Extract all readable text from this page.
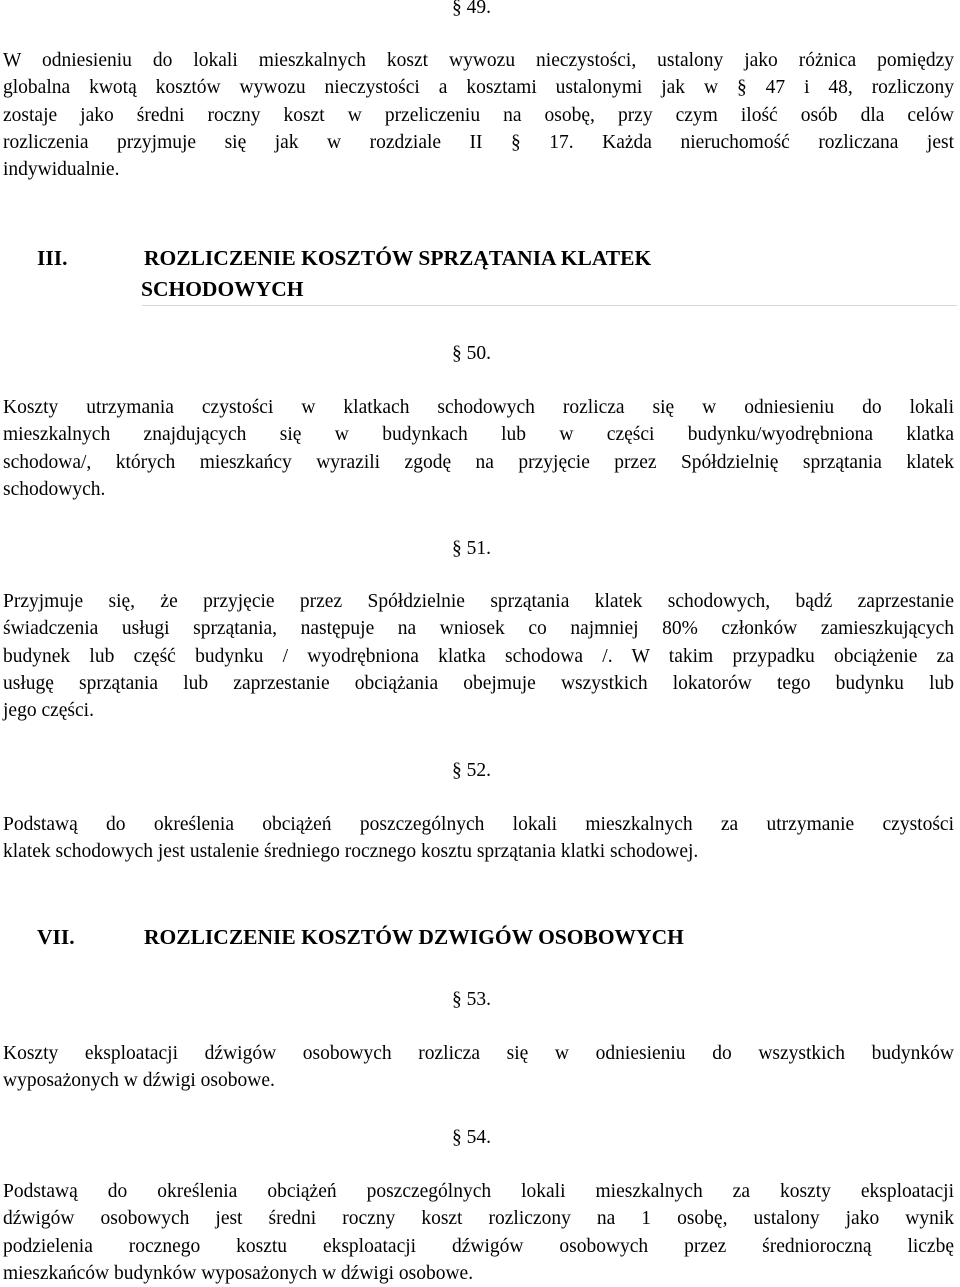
§ 49.

W odniesieniu do lokali mieszkalnych koszt wywozu nieczystości, ustalony jako różnica pomiędzy
globalna kwotą kosztów wywozu nieczystości a kosztami ustalonymi jak w § 47 i 48, rozliczony
zostaje jako średni roczny koszt w przeliczeniu na osobę, przy czym ilość osób dla celów
rozliczenia przyjmuje się jak w rozdziale II § 17. Każda nieruchomość rozliczana jest
indywidualnie.

III.	ROZLICZENIE KOSZTÓW SPRZĄTANIA KLATEK

SCHODOWYCH

§ 50.

Koszty utrzymania czystości w klatkach schodowych rozlicza się w odniesieniu do lokali
mieszkalnych znajdujących się w budynkach lub w części budynku/wyodrębniona klatka
schodowa/, których mieszkańcy wyrazili zgodę na przyjęcie przez Spółdzielnię sprzątania klatek
schodowych.

§ 51.

Przyjmuje się, że przyjęcie przez Spółdzielnie sprzątania klatek schodowych, bądź zaprzestanie
świadczenia usługi sprzątania, następuje na wniosek co najmniej 80% członków zamieszkujących
budynek lub część budynku / wyodrębniona klatka schodowa /. W takim przypadku obciążenie za
usługę sprzątania lub zaprzestanie obciążania obejmuje wszystkich lokatorów tego budynku lub
jego części.

§ 52.

Podstawą do określenia obciążeń poszczególnych lokali mieszkalnych za utrzymanie czystości
klatek schodowych jest ustalenie średniego rocznego kosztu sprzątania klatki schodowej.

VII.	ROZLICZENIE KOSZTÓW DZWIGÓW OSOBOWYCH

§ 53.

Koszty eksploatacji dźwigów osobowych rozlicza się w odniesieniu do wszystkich budynków
wyposażonych w dźwigi osobowe.

§ 54.

Podstawą do określenia obciążeń poszczególnych lokali mieszkalnych za koszty eksploatacji
dźwigów osobowych jest średni roczny koszt rozliczony na 1 osobę, ustalony jako wynik
podzielenia rocznego kosztu eksploatacji dźwigów osobowych przez średnioroczną liczbę
mieszkańców budynków wyposażonych w dźwigi osobowe.
